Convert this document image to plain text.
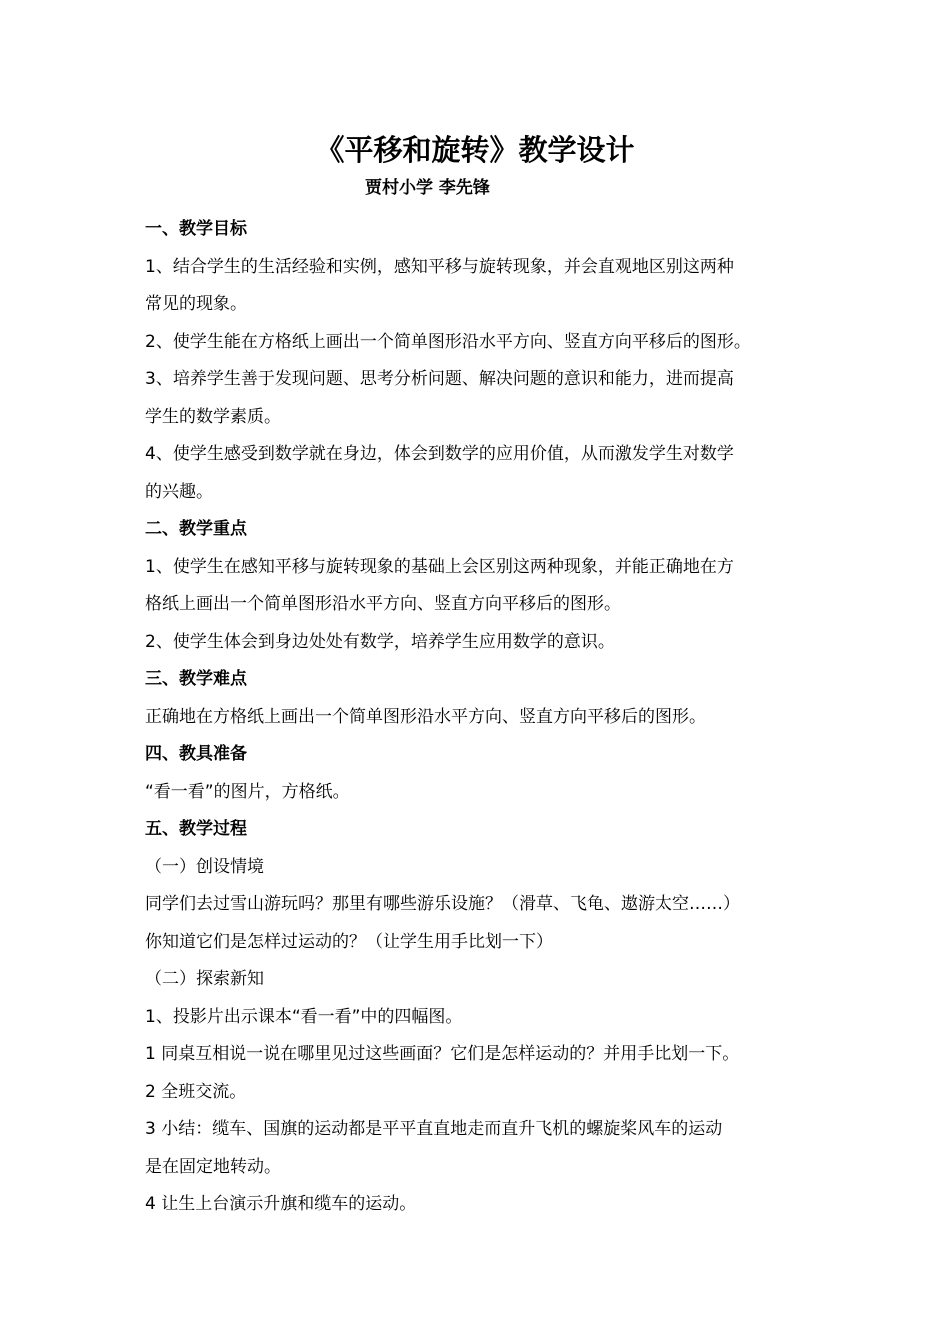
《平移和旋转》教学设计
贾村小学 李先锋

一、教学目标

1、结合学生的生活经验和实例，感知平移与旋转现象，并会直观地区别这两种

常见的现象。

2、使学生能在方格纸上画出一个简单图形沿水平方向、竖直方向平移后的图形。

3、培养学生善于发现问题、思考分析问题、解决问题的意识和能力，进而提高

学生的数学素质。

4、使学生感受到数学就在身边，体会到数学的应用价值，从而激发学生对数学

的兴趣。

二、教学重点

1、使学生在感知平移与旋转现象的基础上会区别这两种现象，并能正确地在方

格纸上画出一个简单图形沿水平方向、竖直方向平移后的图形。

2、使学生体会到身边处处有数学，培养学生应用数学的意识。

三、教学难点

正确地在方格纸上画出一个简单图形沿水平方向、竖直方向平移后的图形。

四、教具准备

“看一看”的图片，方格纸。

五、教学过程

（一）创设情境

同学们去过雪山游玩吗？那里有哪些游乐设施？（滑草、飞龟、遨游太空……）

你知道它们是怎样过运动的？（让学生用手比划一下）

（二）探索新知

1、投影片出示课本“看一看”中的四幅图。

1 同桌互相说一说在哪里见过这些画面？它们是怎样运动的？并用手比划一下。

2 全班交流。

3 小结：缆车、国旗的运动都是平平直直地走而直升飞机的螺旋桨风车的运动

是在固定地转动。

4 让生上台演示升旗和缆车的运动。
